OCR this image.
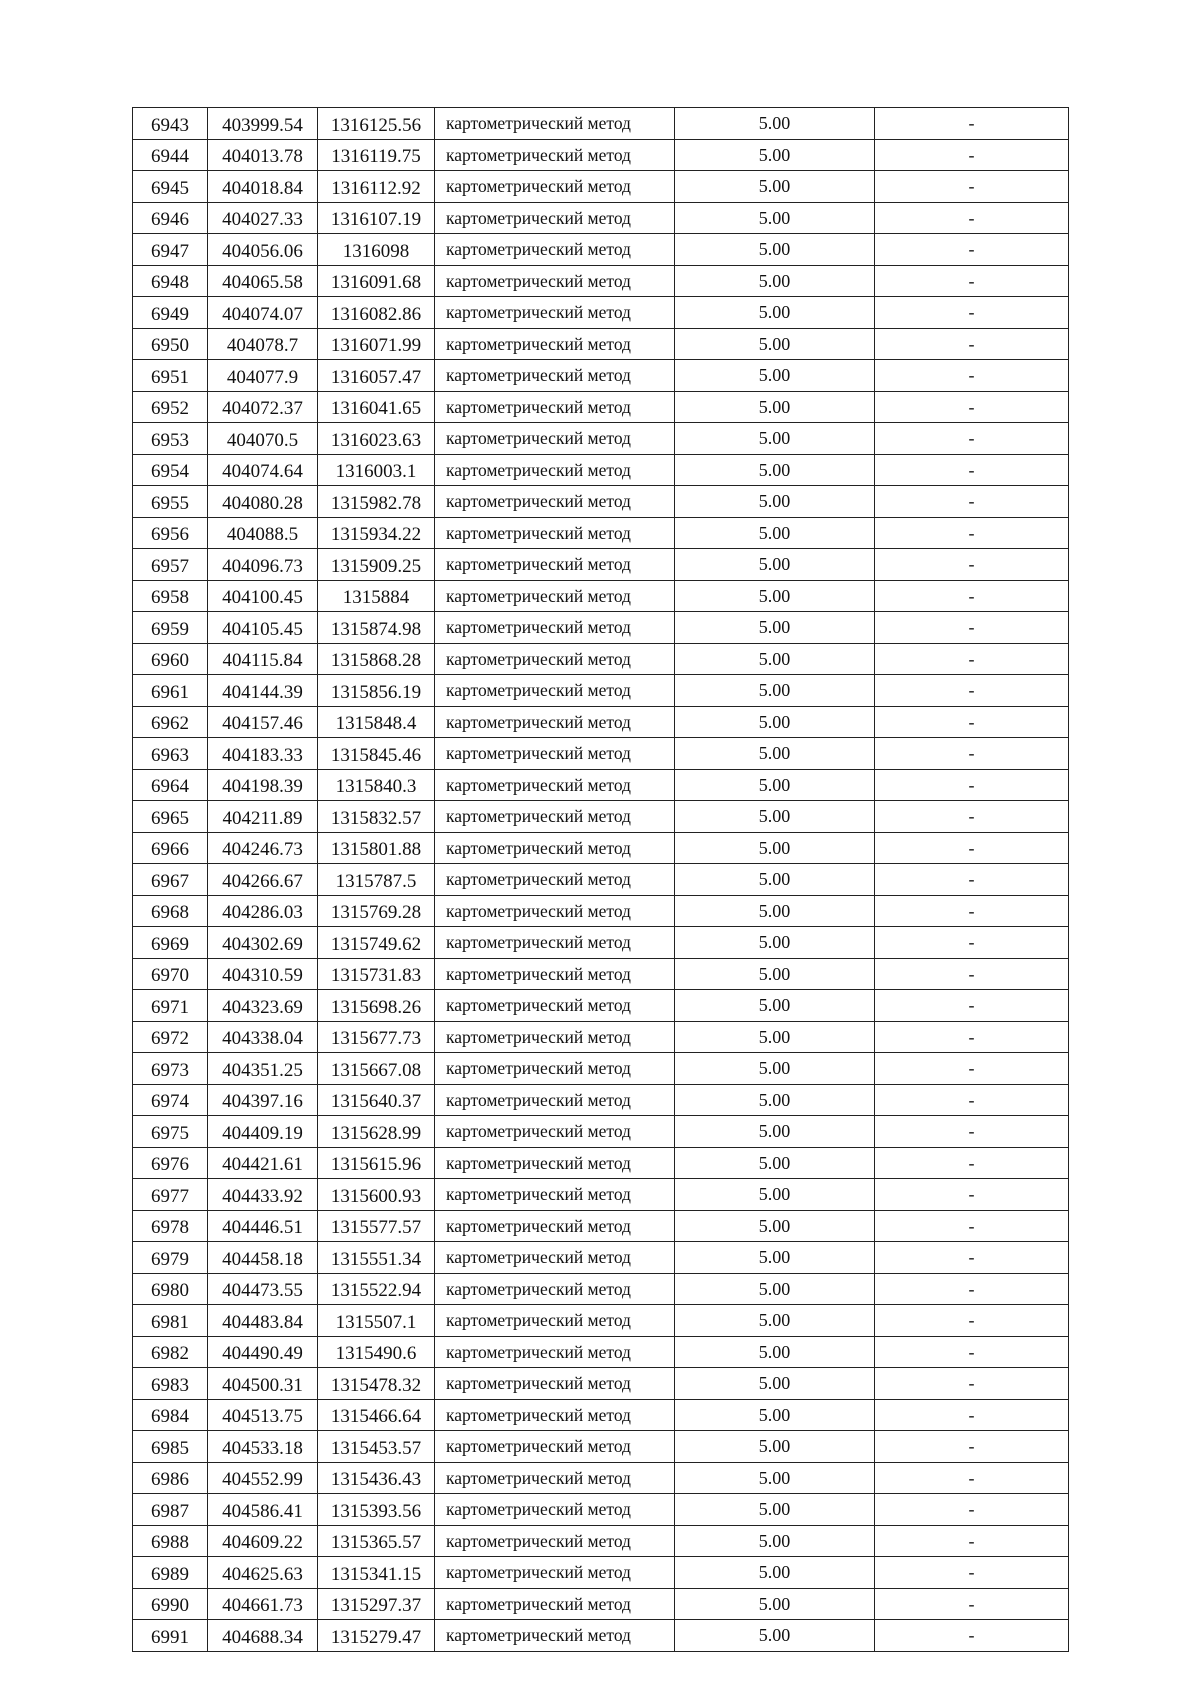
6943	403999.54	1316125.56	картометрический метод	5.00	-
6944	404013.78	1316119.75	картометрический метод	5.00	-
6945	404018.84	1316112.92	картометрический метод	5.00	-
6946	404027.33	1316107.19	картометрический метод	5.00	-
6947	404056.06	1316098	картометрический метод	5.00	-
6948	404065.58	1316091.68	картометрический метод	5.00	-
6949	404074.07	1316082.86	картометрический метод	5.00	-
6950	404078.7	1316071.99	картометрический метод	5.00	-
6951	404077.9	1316057.47	картометрический метод	5.00	-
6952	404072.37	1316041.65	картометрический метод	5.00	-
6953	404070.5	1316023.63	картометрический метод	5.00	-
6954	404074.64	1316003.1	картометрический метод	5.00	-
6955	404080.28	1315982.78	картометрический метод	5.00	-
6956	404088.5	1315934.22	картометрический метод	5.00	-
6957	404096.73	1315909.25	картометрический метод	5.00	-
6958	404100.45	1315884	картометрический метод	5.00	-
6959	404105.45	1315874.98	картометрический метод	5.00	-
6960	404115.84	1315868.28	картометрический метод	5.00	-
6961	404144.39	1315856.19	картометрический метод	5.00	-
6962	404157.46	1315848.4	картометрический метод	5.00	-
6963	404183.33	1315845.46	картометрический метод	5.00	-
6964	404198.39	1315840.3	картометрический метод	5.00	-
6965	404211.89	1315832.57	картометрический метод	5.00	-
6966	404246.73	1315801.88	картометрический метод	5.00	-
6967	404266.67	1315787.5	картометрический метод	5.00	-
6968	404286.03	1315769.28	картометрический метод	5.00	-
6969	404302.69	1315749.62	картометрический метод	5.00	-
6970	404310.59	1315731.83	картометрический метод	5.00	-
6971	404323.69	1315698.26	картометрический метод	5.00	-
6972	404338.04	1315677.73	картометрический метод	5.00	-
6973	404351.25	1315667.08	картометрический метод	5.00	-
6974	404397.16	1315640.37	картометрический метод	5.00	-
6975	404409.19	1315628.99	картометрический метод	5.00	-
6976	404421.61	1315615.96	картометрический метод	5.00	-
6977	404433.92	1315600.93	картометрический метод	5.00	-
6978	404446.51	1315577.57	картометрический метод	5.00	-
6979	404458.18	1315551.34	картометрический метод	5.00	-
6980	404473.55	1315522.94	картометрический метод	5.00	-
6981	404483.84	1315507.1	картометрический метод	5.00	-
6982	404490.49	1315490.6	картометрический метод	5.00	-
6983	404500.31	1315478.32	картометрический метод	5.00	-
6984	404513.75	1315466.64	картометрический метод	5.00	-
6985	404533.18	1315453.57	картометрический метод	5.00	-
6986	404552.99	1315436.43	картометрический метод	5.00	-
6987	404586.41	1315393.56	картометрический метод	5.00	-
6988	404609.22	1315365.57	картометрический метод	5.00	-
6989	404625.63	1315341.15	картометрический метод	5.00	-
6990	404661.73	1315297.37	картометрический метод	5.00	-
6991	404688.34	1315279.47	картометрический метод	5.00	-
